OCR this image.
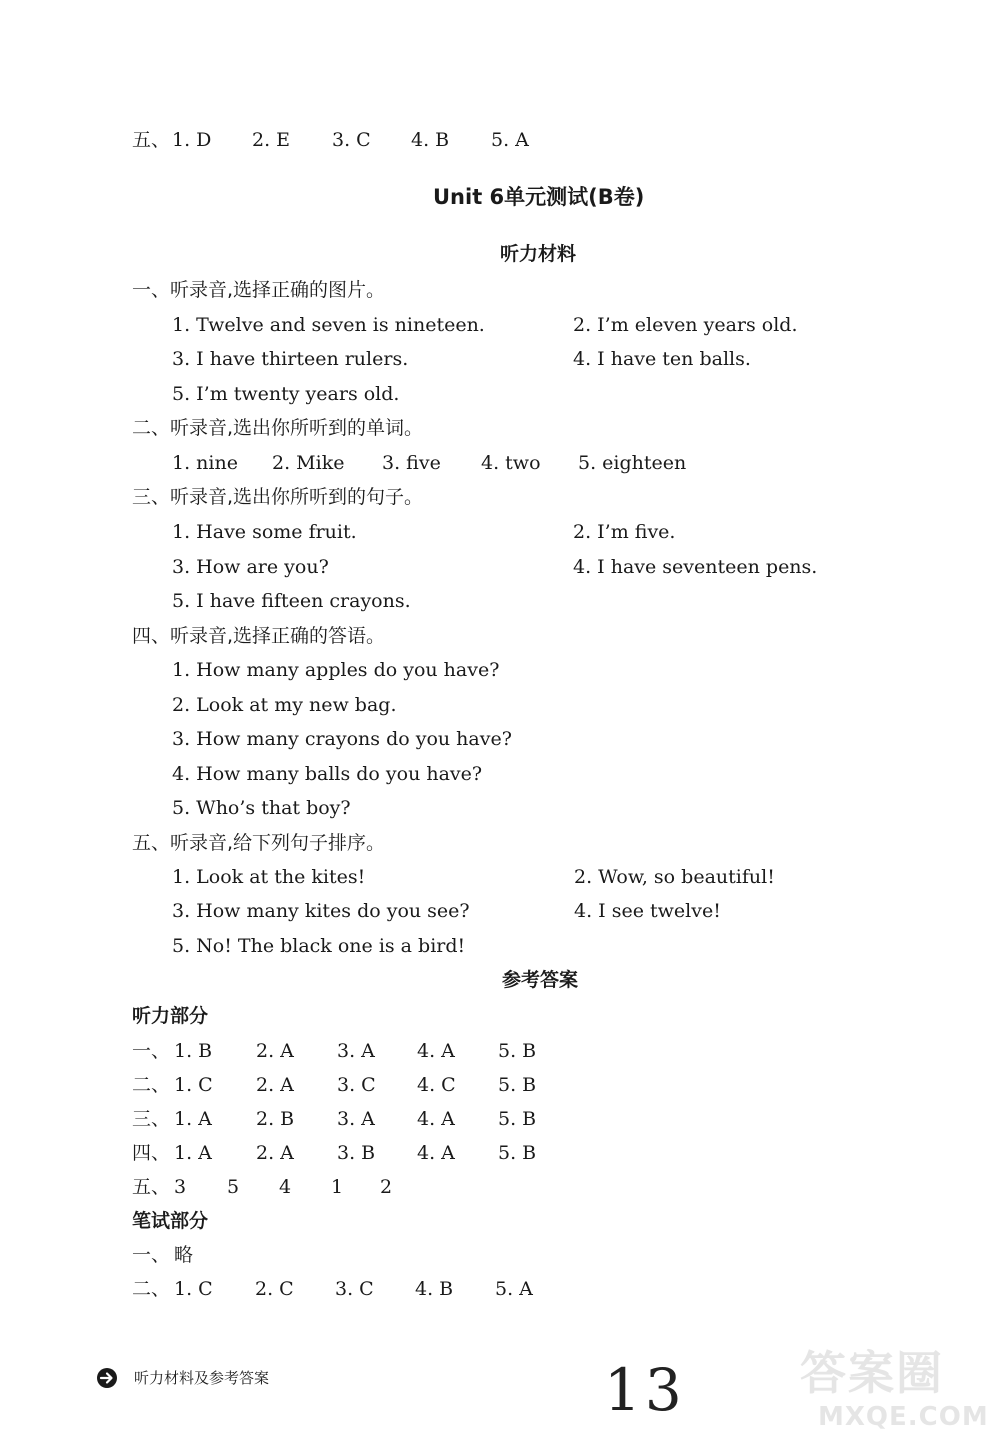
五、 1. D 2. E 3. C 4. B 5. A
Unit 6单元测试(B卷)
听力材料
一、听录音,选择正确的图片。
1. Twelve and seven is nineteen.	2. I’m eleven years old.
3. I have thirteen rulers.	4. I have ten balls.
5. I’m twenty years old.
二、听录音,选出你所听到的单词。
1. nine 2. Mike 3. five 4. two 5. eighteen
三、听录音,选出你所听到的句子。
1. Have some fruit.	2. I’m five.
3. How are you?	4. I have seventeen pens.
5. I have fifteen crayons.
四、听录音,选择正确的答语。
1. How many apples do you have?
2. Look at my new bag.
3. How many crayons do you have?
4. How many balls do you have?
5. Who’s that boy?
五、听录音,给下列句子排序。
1. Look at the kites!	2. Wow, so beautiful!
3. How many kites do you see?	4. I see twelve!
5. No! The black one is a bird!
参考答案
听力部分
一、 1. B 2. A 3. A 4. A 5. B
二、 1. C 2. A 3. C 4. C 5. B
三、 1. A 2. B 3. A 4. A 5. B
四、 1. A 2. A 3. B 4. A 5. B
五、 3 5 4 1 2
笔试部分
一、 略
二、 1. C 2. C 3. C 4. B 5. A
听力材料及参考答案	13 答案圈
MXQE.COM
